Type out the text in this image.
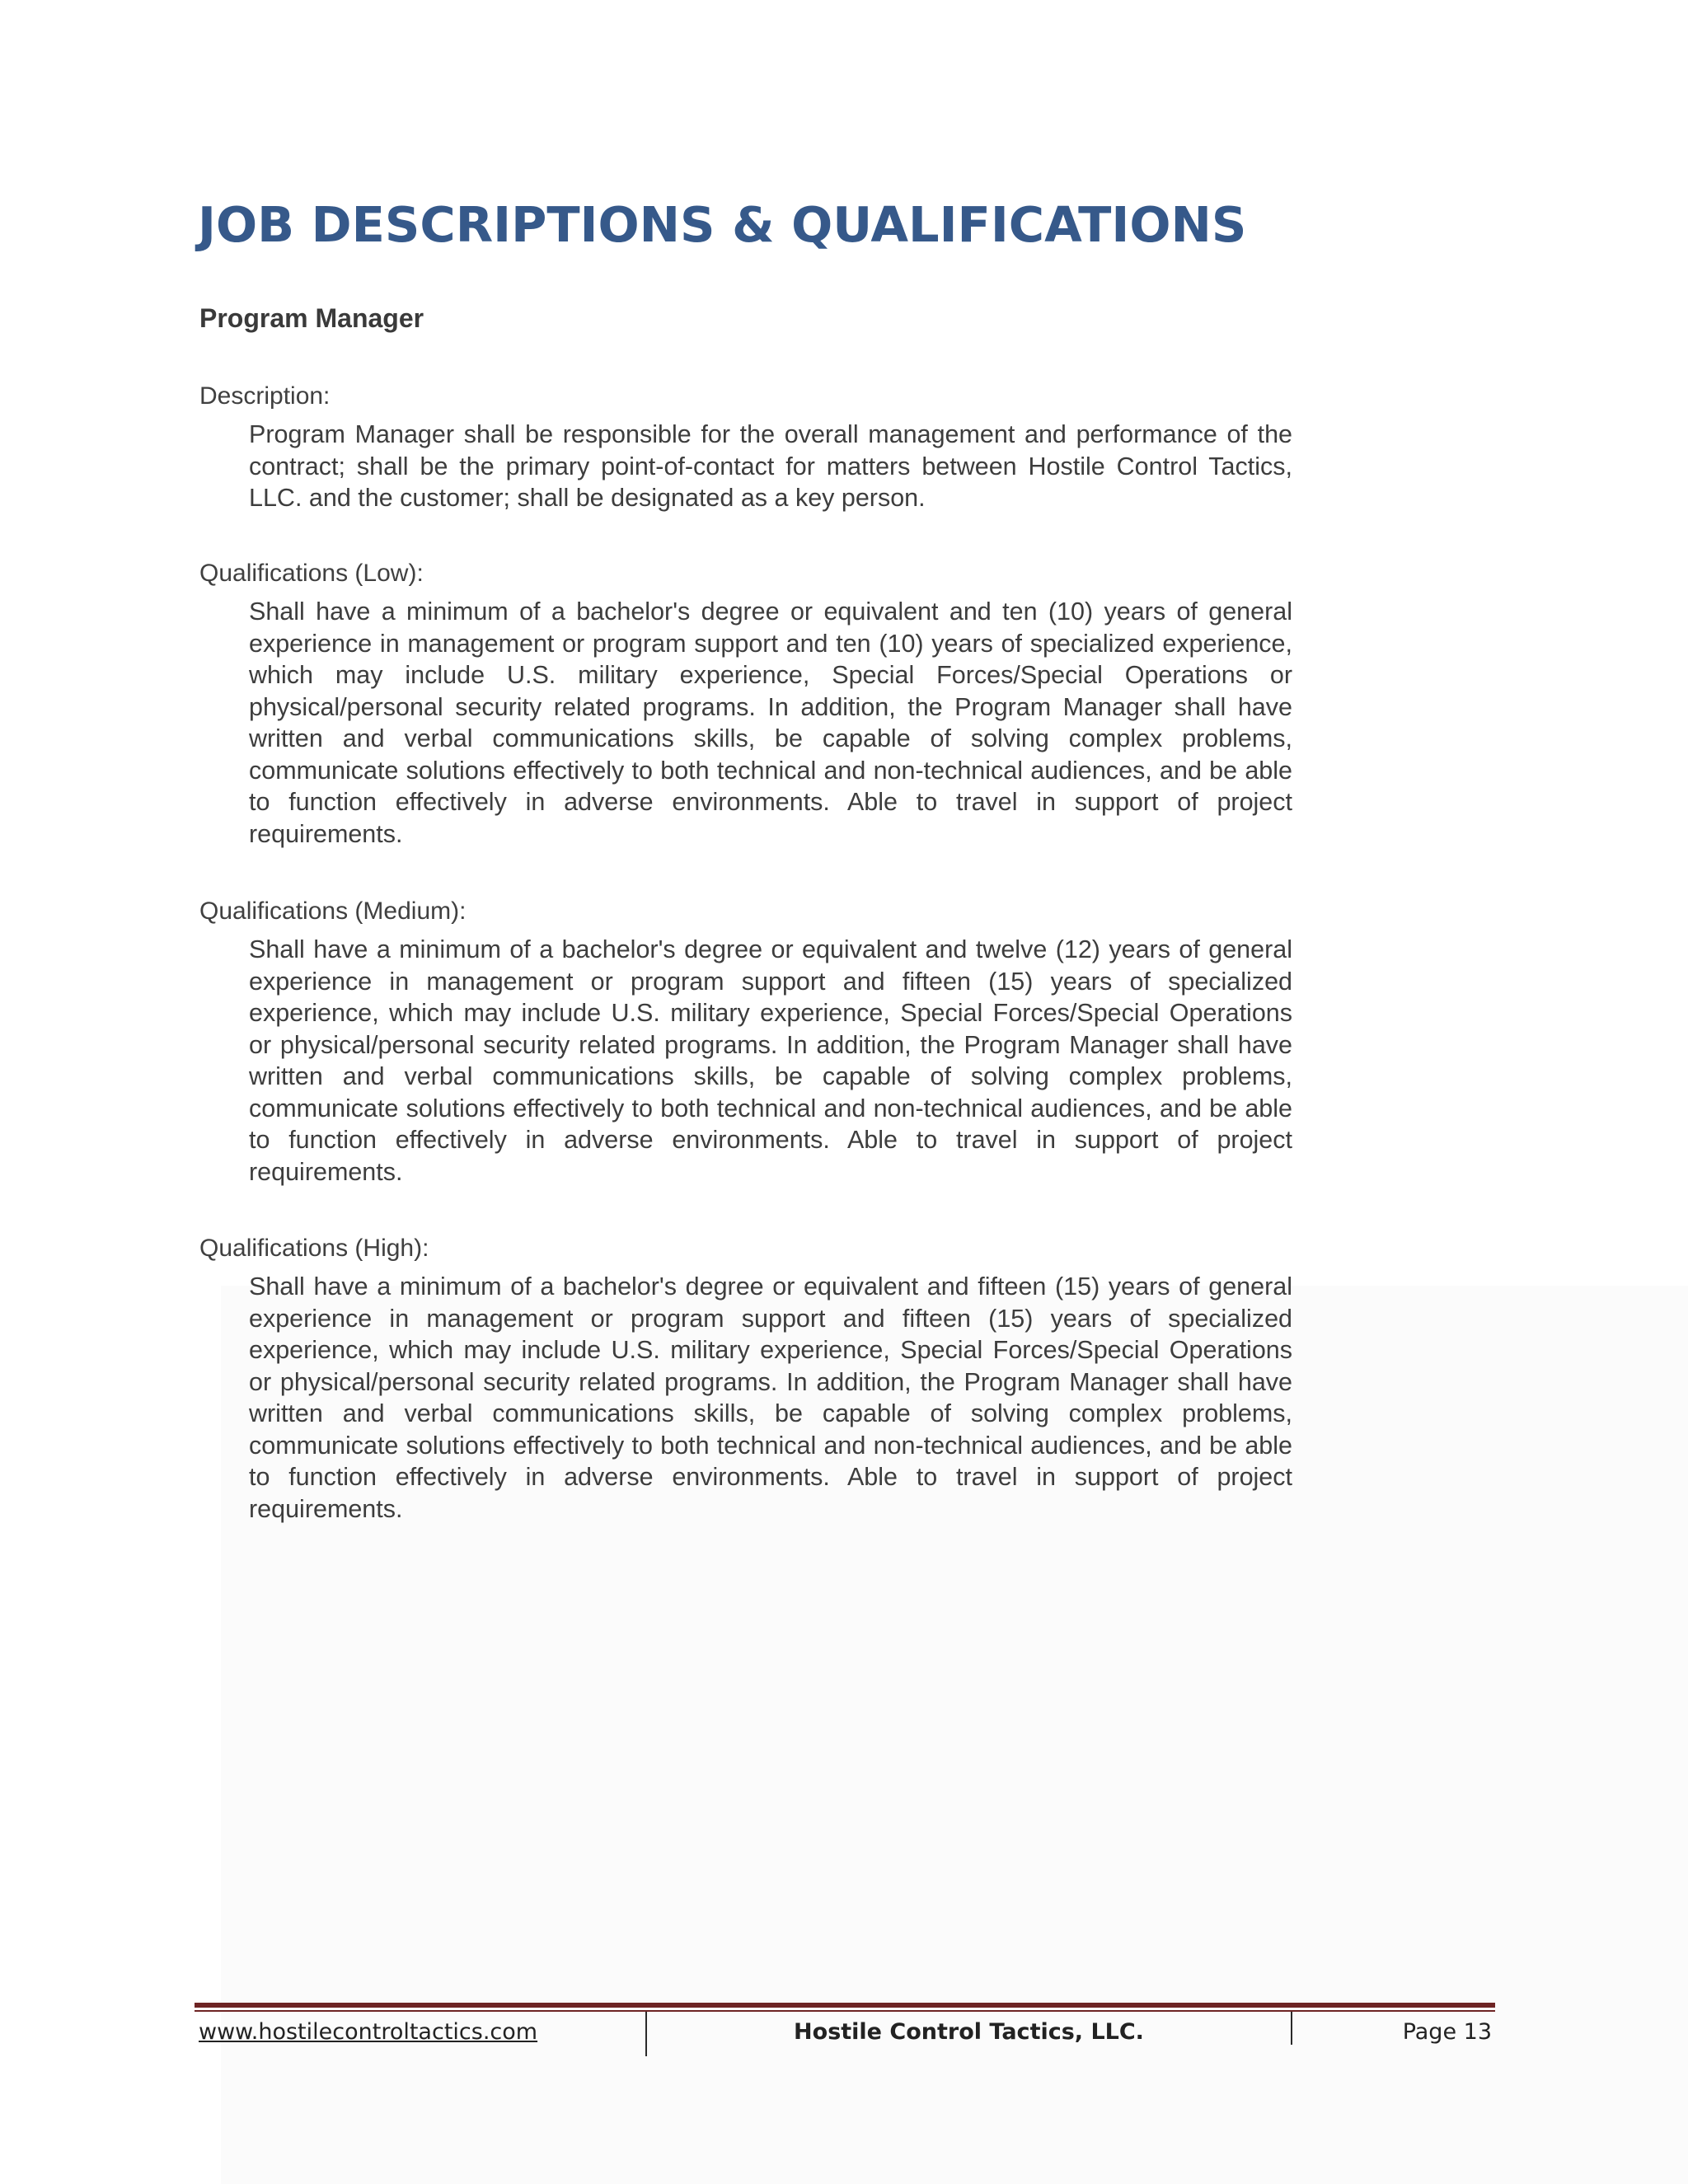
JOB DESCRIPTIONS & QUALIFICATIONS
Program Manager
Description:
Program Manager shall be responsible for the overall management and performance of the contract; shall be the primary point-of-contact for matters between Hostile Control Tactics, LLC. and the customer; shall be designated as a key person.
Qualifications (Low):
Shall have a minimum of a bachelor's degree or equivalent and ten (10) years of general experience in management or program support and ten (10) years of specialized experience, which may include U.S. military experience, Special Forces/Special Operations or physical/personal security related programs. In addition, the Program Manager shall have written and verbal communications skills, be capable of solving complex problems, communicate solutions effectively to both technical and non-technical audiences, and be able to function effectively in adverse environments. Able to travel in support of project requirements.
Qualifications (Medium):
Shall have a minimum of a bachelor's degree or equivalent and twelve (12) years of general experience in management or program support and fifteen (15) years of specialized experience, which may include U.S. military experience, Special Forces/Special Operations or physical/personal security related programs. In addition, the Program Manager shall have written and verbal communications skills, be capable of solving complex problems, communicate solutions effectively to both technical and non-technical audiences, and be able to function effectively in adverse environments. Able to travel in support of project requirements.
Qualifications (High):
Shall have a minimum of a bachelor's degree or equivalent and fifteen (15) years of general experience in management or program support and fifteen (15) years of specialized experience, which may include U.S. military experience, Special Forces/Special Operations or physical/personal security related programs. In addition, the Program Manager shall have written and verbal communications skills, be capable of solving complex problems, communicate solutions effectively to both technical and non-technical audiences, and be able to function effectively in adverse environments. Able to travel in support of project requirements.
www.hostilecontroltactics.com	Hostile Control Tactics, LLC.	Page 13
